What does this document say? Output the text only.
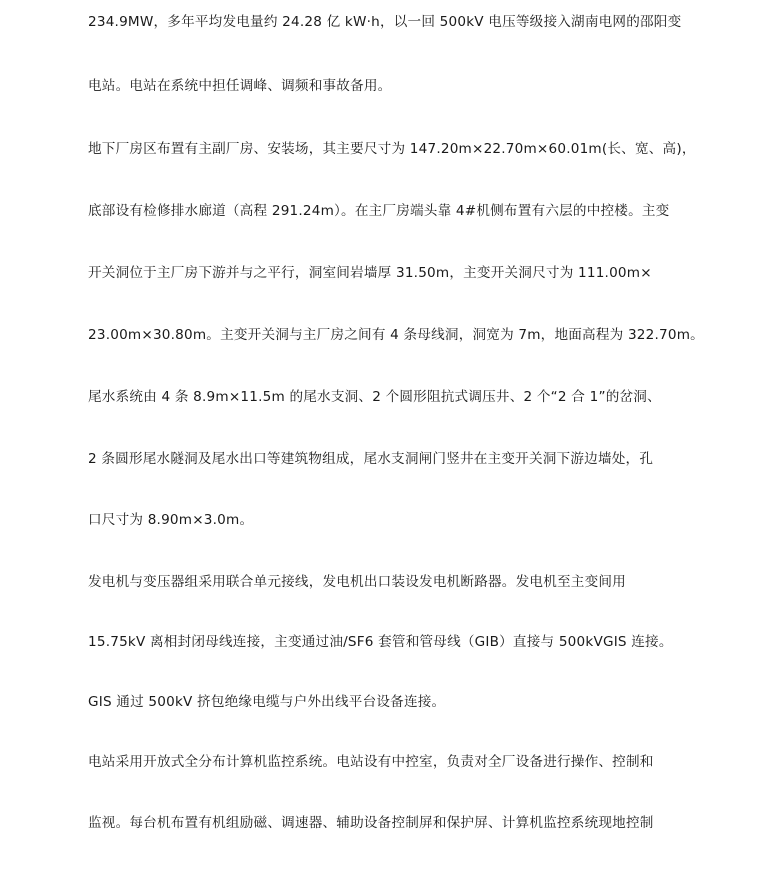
234.9MW，多年平均发电量约 24.28 亿 kW·h，以一回 500kV 电压等级接入湖南电网的邵阳变
电站。电站在系统中担任调峰、调频和事故备用。
地下厂房区布置有主副厂房、安装场，其主要尺寸为 147.20m×22.70m×60.01m(长、宽、高)，
底部设有检修排水廊道（高程 291.24m）。在主厂房端头靠 4#机侧布置有六层的中控楼。主变
开关洞位于主厂房下游并与之平行，洞室间岩墙厚 31.50m，主变开关洞尺寸为 111.00m×
23.00m×30.80m。主变开关洞与主厂房之间有 4 条母线洞，洞宽为 7m，地面高程为 322.70m。
尾水系统由 4 条 8.9m×11.5m 的尾水支洞、2 个圆形阻抗式调压井、2 个“2 合 1”的岔洞、
2 条圆形尾水隧洞及尾水出口等建筑物组成，尾水支洞闸门竖井在主变开关洞下游边墙处，孔
口尺寸为 8.90m×3.0m。
发电机与变压器组采用联合单元接线，发电机出口装设发电机断路器。发电机至主变间用
15.75kV 离相封闭母线连接，主变通过油/SF6 套管和管母线（GIB）直接与 500kVGIS 连接。
GIS 通过 500kV 挤包绝缘电缆与户外出线平台设备连接。
电站采用开放式全分布计算机监控系统。电站设有中控室，负责对全厂设备进行操作、控制和
监视。每台机布置有机组励磁、调速器、辅助设备控制屏和保护屏、计算机监控系统现地控制
